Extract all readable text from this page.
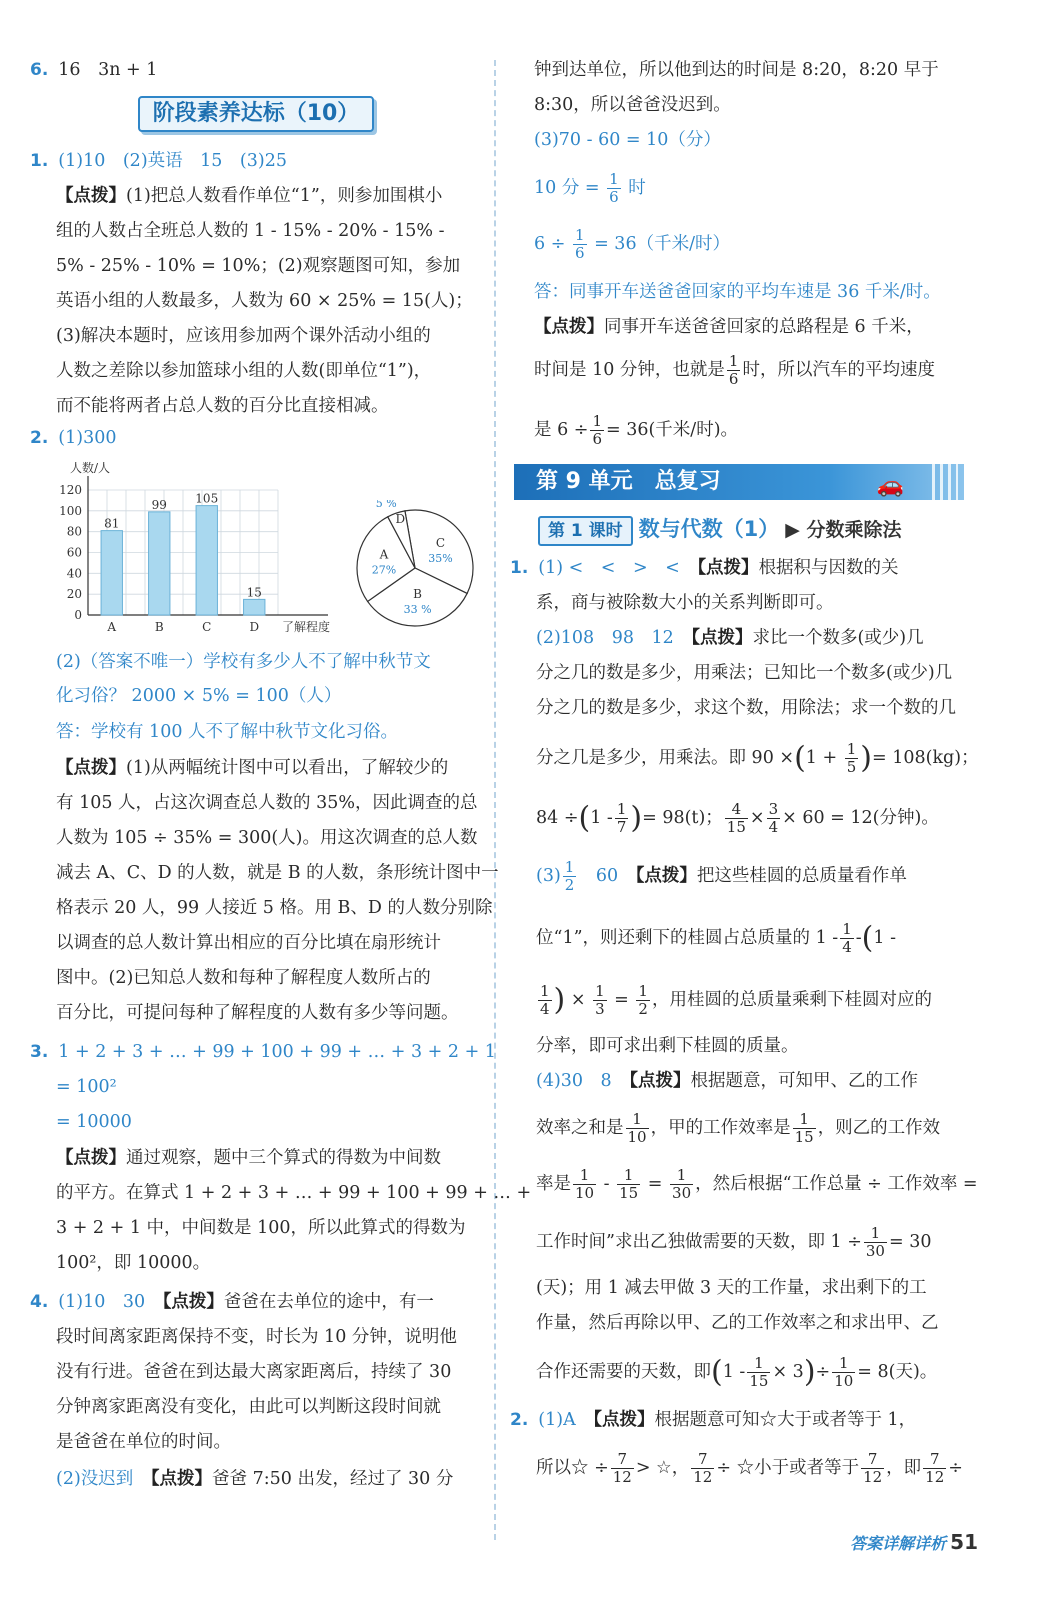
6. 16　3n + 1
阶段素养达标（10）
1. (1)10　(2)英语　15　(3)25
【点拨】(1)把总人数看作单位“1”，则参加围棋小
组的人数占全班总人数的 1 - 15% - 20% - 15% -
5% - 25% - 10% = 10%；(2)观察题图可知，参加
英语小组的人数最多，人数为 60 × 25% = 15(人)；
(3)解决本题时，应该用参加两个课外活动小组的
人数之差除以参加篮球小组的人数(即单位“1”)，
而不能将两者占总人数的百分比直接相减。
2. (1)300
0
20
40
60
80
100
120
人数/人
了解程度
81
A
99
B
105
C
15
D
C
35%
B
33 %
A
27%
D
5 %
(2)（答案不唯一）学校有多少人不了解中秋节文
化习俗？ 2000 × 5% = 100（人）
答：学校有 100 人不了解中秋节文化习俗。
【点拨】(1)从两幅统计图中可以看出，了解较少的
有 105 人，占这次调查总人数的 35%，因此调查的总
人数为 105 ÷ 35% = 300(人)。用这次调查的总人数
减去 A、C、D 的人数，就是 B 的人数，条形统计图中一
格表示 20 人，99 人接近 5 格。用 B、D 的人数分别除
以调查的总人数计算出相应的百分比填在扇形统计
图中。(2)已知总人数和每种了解程度人数所占的
百分比，可提问每种了解程度的人数有多少等问题。
3. 1 + 2 + 3 + … + 99 + 100 + 99 + … + 3 + 2 + 1
= 100²
= 10000
【点拨】通过观察，题中三个算式的得数为中间数
的平方。在算式 1 + 2 + 3 + … + 99 + 100 + 99 + … +
3 + 2 + 1 中，中间数是 100，所以此算式的得数为
100²，即 10000。
4. (1)10　30　 【点拨】爸爸在去单位的途中，有一
段时间离家距离保持不变，时长为 10 分钟，说明他
没有行进。爸爸在到达最大离家距离后，持续了 30
分钟离家距离没有变化，由此可以判断这段时间就
是爸爸在单位的时间。
(2)没迟到　 【点拨】爸爸 7:50 出发，经过了 30 分
钟到达单位，所以他到达的时间是 8:20，8:20 早于
8:30，所以爸爸没迟到。
(3)70 - 60 = 10（分）
10 分 = $\frac{1}{6}$ 时
$6 \div \frac{1}{6} = 36$（千米/时）
答：同事开车送爸爸回家的平均车速是 36 千米/时。
【点拨】同事开车送爸爸回家的总路程是 6 千米，
时间是 10 分钟，也就是 $\frac{1}{6}$ 时，所以汽车的平均速度
是 $6 \div \frac{1}{6} = 36$(千米/时)。
第 9 单元　总复习	🚗
第 1 课时 数与代数（1） ▶ 分数乘除法
1. (1) <　<　>　<　 【点拨】根据积与因数的关
系，商与被除数大小的关系判断即可。
(2)108　98　12　 【点拨】求比一个数多(或少)几
分之几的数是多少，用乘法；已知比一个数多(或少)几
分之几的数是多少，求这个数，用除法；求一个数的几
分之几是多少，用乘法。即 $90 \times(1 + \frac{1}{5}$ )= 108(kg)；
$84 \div(1 - \frac{1}{7}$ )= 98(t)； $\frac{4}{15} \times \frac{3}{4} \times 60 = 12$(分钟)。
$(3) \frac{1}{2}$ 　60　 【点拨】把这些桂圆的总质量看作单
位“1”，则还剩下的桂圆占总质量的 $1 - \frac{1}{4} -(1$ -
$\frac{1}{4}$ ) × $\frac{1}{3} = \frac{1}{2}$ ，用桂圆的总质量乘剩下桂圆对应的
分率，即可求出剩下桂圆的质量。
(4)30　8　 【点拨】根据题意，可知甲、乙的工作
效率之和是 $\frac{1}{10}$ ，甲的工作效率是 $\frac{1}{15}$ ，则乙的工作效
率是 $\frac{1}{10} - \frac{1}{15} = \frac{1}{30}$ ，然后根据“工作总量 ÷ 工作效率 =
工作时间”求出乙独做需要的天数，即 $1 \div \frac{1}{30} = 30$
(天)；用 1 减去甲做 3 天的工作量，求出剩下的工
作量，然后再除以甲、乙的工作效率之和求出甲、乙
合作还需要的天数，即$(1 - \frac{1}{15} \times 3)\div \frac{1}{10} = 8$(天)。
2. (1)A　 【点拨】根据题意可知☆大于或者等于 1，
所以☆ ÷ $\frac{7}{12}$ > ☆， $\frac{7}{12}$ ÷ ☆小于或者等于 $\frac{7}{12}$ ，即 $\frac{7}{12}$ ÷
答案详解详析 51
